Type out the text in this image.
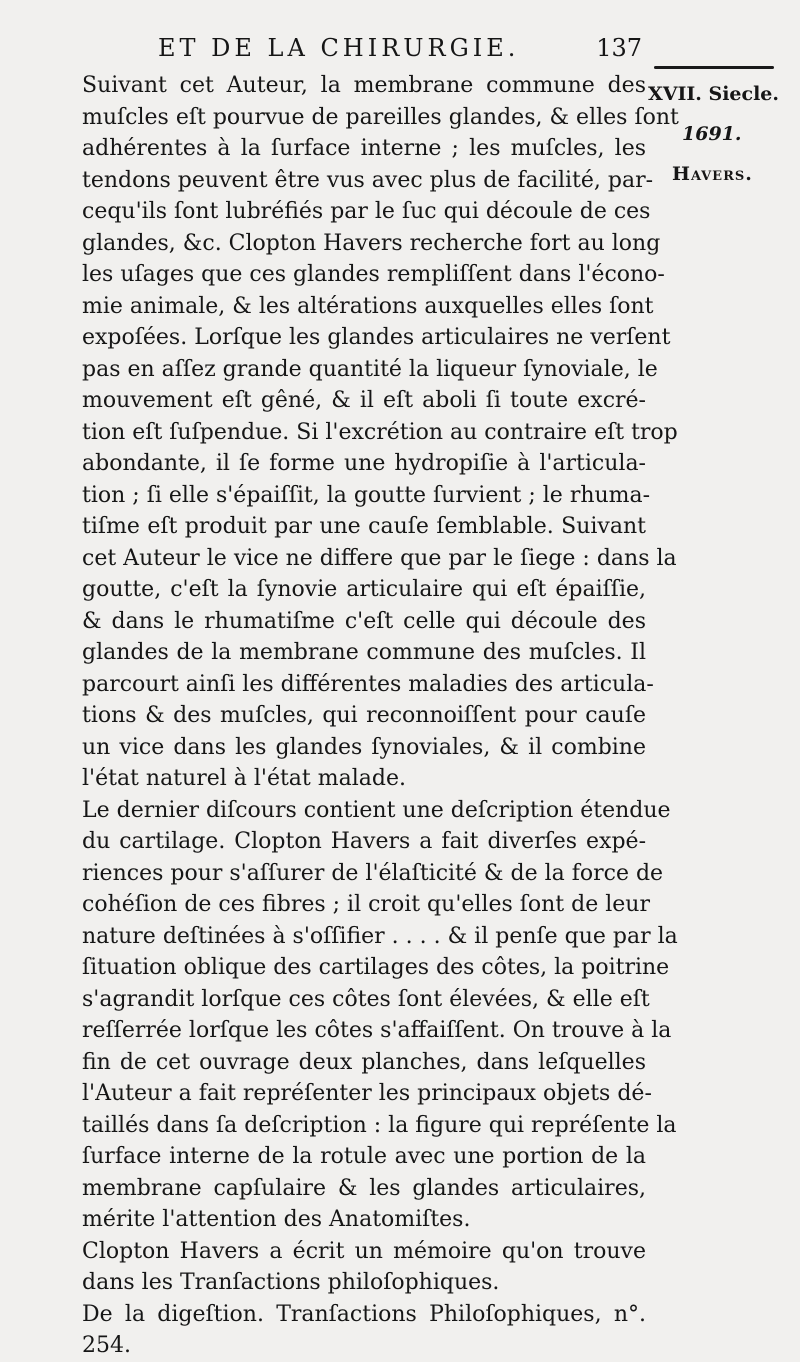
ET DE LA CHIRURGIE.	137
XVII. Siecle.
1691.
Havers.

Suivant cet Auteur, la membrane commune des
muſcles eſt pourvue de pareilles glandes, & elles ſont
adhérentes à la ſurface interne ; les muſcles, les
tendons peuvent être vus avec plus de facilité, par-
cequ'ils ſont lubréfiés par le ſuc qui découle de ces
glandes, &c. Clopton Havers recherche fort au long
les uſages que ces glandes rempliſſent dans l'écono-
mie animale, & les altérations auxquelles elles ſont
expoſées. Lorſque les glandes articulaires ne verſent
pas en aſſez grande quantité la liqueur ſynoviale, le
mouvement eſt gêné, & il eſt aboli ſi toute excré-
tion eſt ſuſpendue. Si l'excrétion au contraire eſt trop
abondante, il ſe forme une hydropiſie à l'articula-
tion ; ſi elle s'épaiſſit, la goutte ſurvient ; le rhuma-
tiſme eſt produit par une cauſe ſemblable. Suivant
cet Auteur le vice ne differe que par le ſiege : dans la
goutte, c'eſt la ſynovie articulaire qui eſt épaiſſie,
& dans le rhumatiſme c'eſt celle qui découle des
glandes de la membrane commune des muſcles. Il
parcourt ainſi les différentes maladies des articula-
tions & des muſcles, qui reconnoiſſent pour cauſe
un vice dans les glandes ſynoviales, & il combine
l'état naturel à l'état malade.

Le dernier diſcours contient une deſcription étendue
du cartilage. Clopton Havers a fait diverſes expé-
riences pour s'aſſurer de l'élaſticité & de la force de
cohéſion de ces fibres ; il croit qu'elles ſont de leur
nature deſtinées à s'oſſifier . . . . & il penſe que par la
ſituation oblique des cartilages des côtes, la poitrine
s'agrandit lorſque ces côtes ſont élevées, & elle eſt
reſſerrée lorſque les côtes s'affaiſſent. On trouve à la
fin de cet ouvrage deux planches, dans leſquelles
l'Auteur a fait repréſenter les principaux objets dé-
taillés dans ſa deſcription : la figure qui repréſente la
ſurface interne de la rotule avec une portion de la
membrane capſulaire & les glandes articulaires,
mérite l'attention des Anatomiſtes.

Clopton Havers a écrit un mémoire qu'on trouve
dans les Tranſactions philoſophiques.

De la digeſtion. Tranſactions Philoſophiques, n°.
254.
